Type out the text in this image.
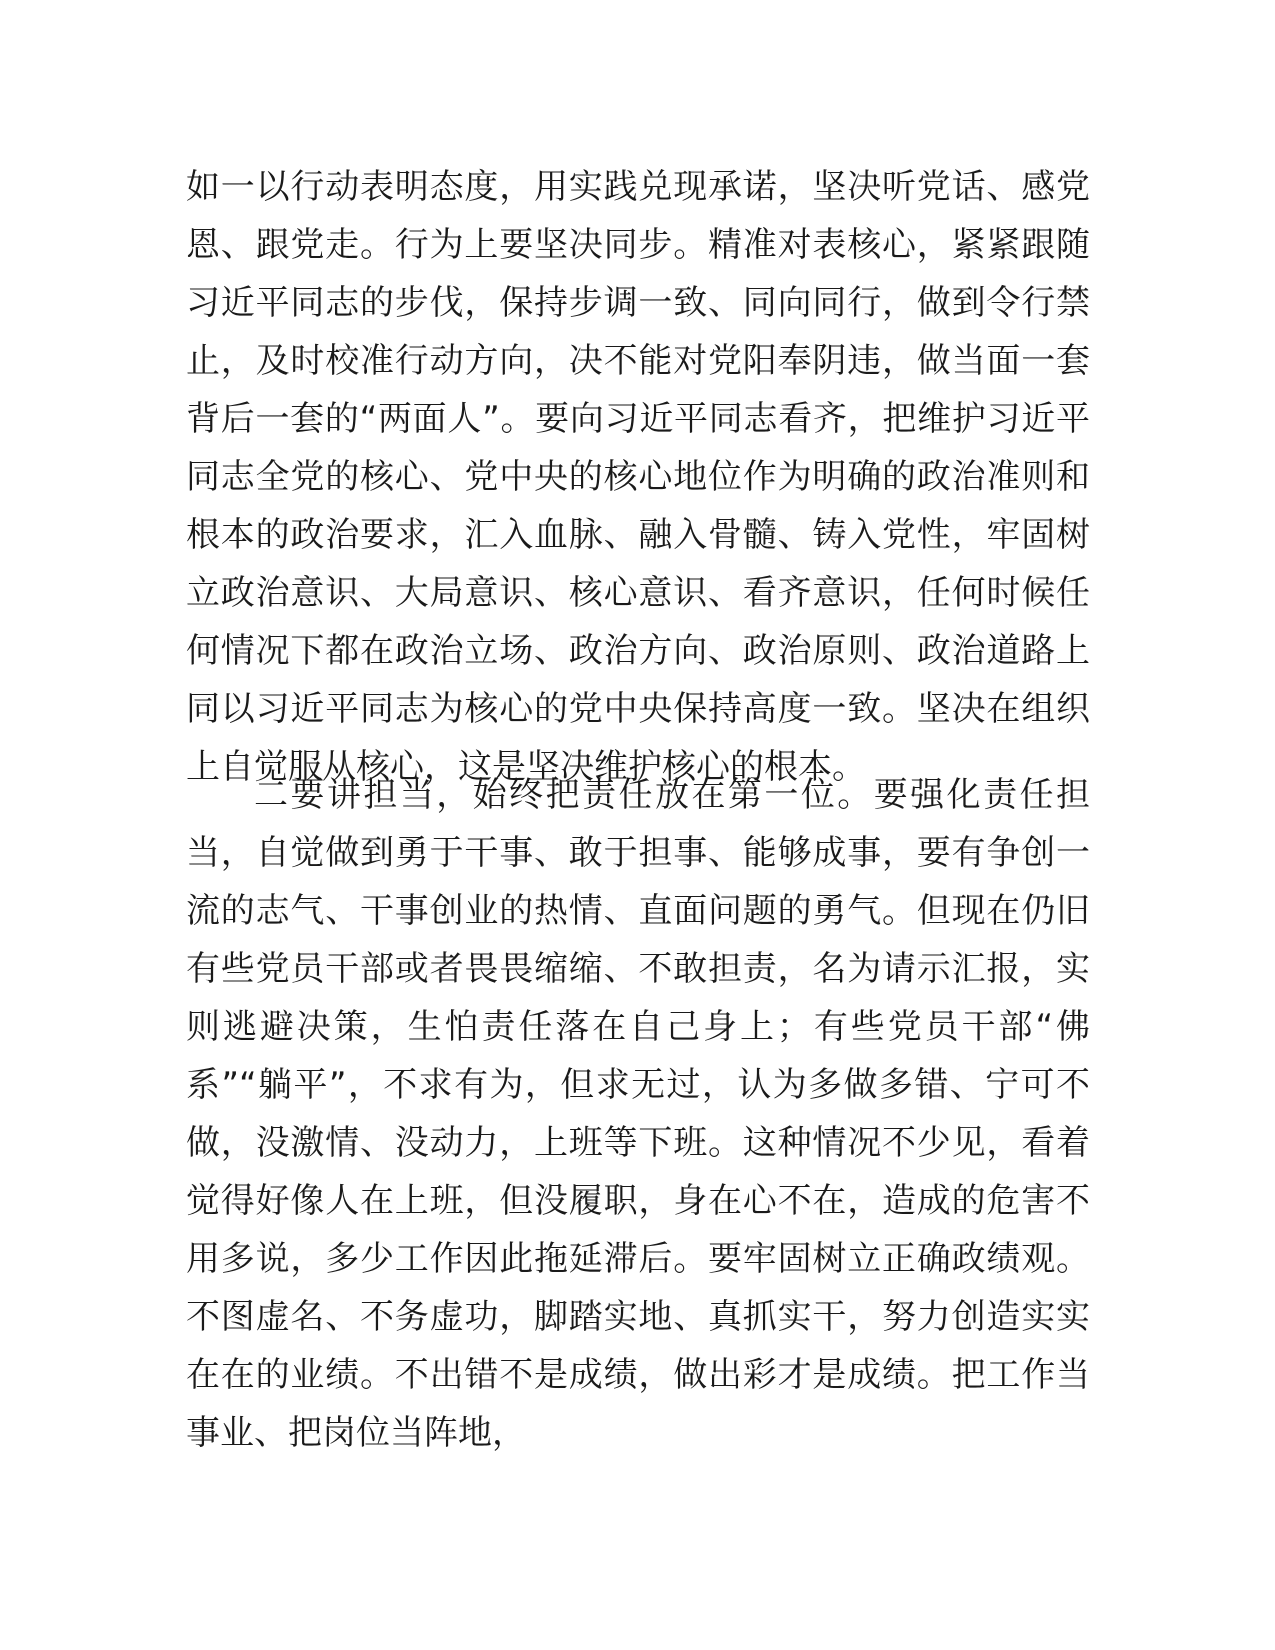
如一以行动表明态度，用实践兑现承诺，坚决听党话、感党恩、跟党走。行为上要坚决同步。精准对表核心，紧紧跟随习近平同志的步伐，保持步调一致、同向同行，做到令行禁止，及时校准行动方向，决不能对党阳奉阴违，做当面一套背后一套的“两面人”。要向习近平同志看齐，把维护习近平同志全党的核心、党中央的核心地位作为明确的政治准则和根本的政治要求，汇入血脉、融入骨髓、铸入党性，牢固树立政治意识、大局意识、核心意识、看齐意识，任何时候任何情况下都在政治立场、政治方向、政治原则、政治道路上同以习近平同志为核心的党中央保持高度一致。坚决在组织上自觉服从核心，这是坚决维护核心的根本。

二要讲担当，始终把责任放在第一位。要强化责任担当，自觉做到勇于干事、敢于担事、能够成事，要有争创一流的志气、干事创业的热情、直面问题的勇气。但现在仍旧有些党员干部或者畏畏缩缩、不敢担责，名为请示汇报，实则逃避决策，生怕责任落在自己身上；有些党员干部“佛系”“躺平”，不求有为，但求无过，认为多做多错、宁可不做，没激情、没动力，上班等下班。这种情况不少见，看着觉得好像人在上班，但没履职，身在心不在，造成的危害不用多说，多少工作因此拖延滞后。要牢固树立正确政绩观。不图虚名、不务虚功，脚踏实地、真抓实干，努力创造实实在在的业绩。不出错不是成绩，做出彩才是成绩。把工作当事业、把岗位当阵地，
